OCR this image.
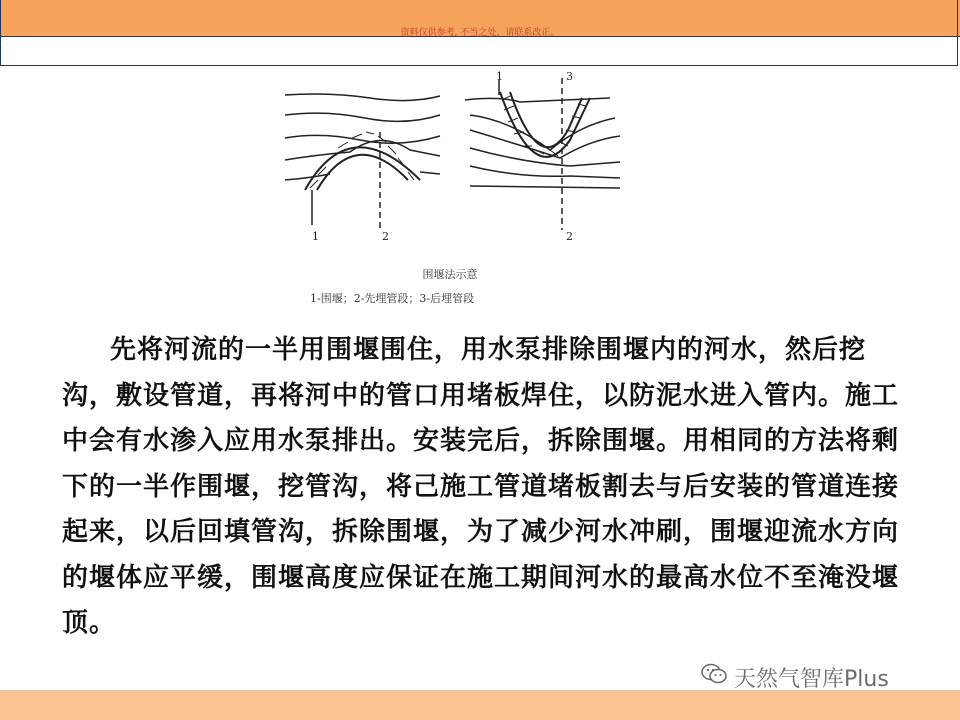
资料仅供参考, 不当之处，请联系改正。
1	2
1	3
2
围堰法示意
1-围堰；2-先埋管段；3-后埋管段
先将河流的一半用围堰围住，用水泵排除围堰内的河水，然后挖沟，敷设管道，再将河中的管口用堵板焊住，以防泥水进入管内。施工中会有水渗入应用水泵排出。安装完后，拆除围堰。用相同的方法将剩下的一半作围堰，挖管沟，将己施工管道堵板割去与后安装的管道连接起来，以后回填管沟，拆除围堰，为了减少河水冲刷，围堰迎流水方向的堰体应平缓，围堰高度应保证在施工期间河水的最高水位不至淹没堰顶。
天然气智库Plus
